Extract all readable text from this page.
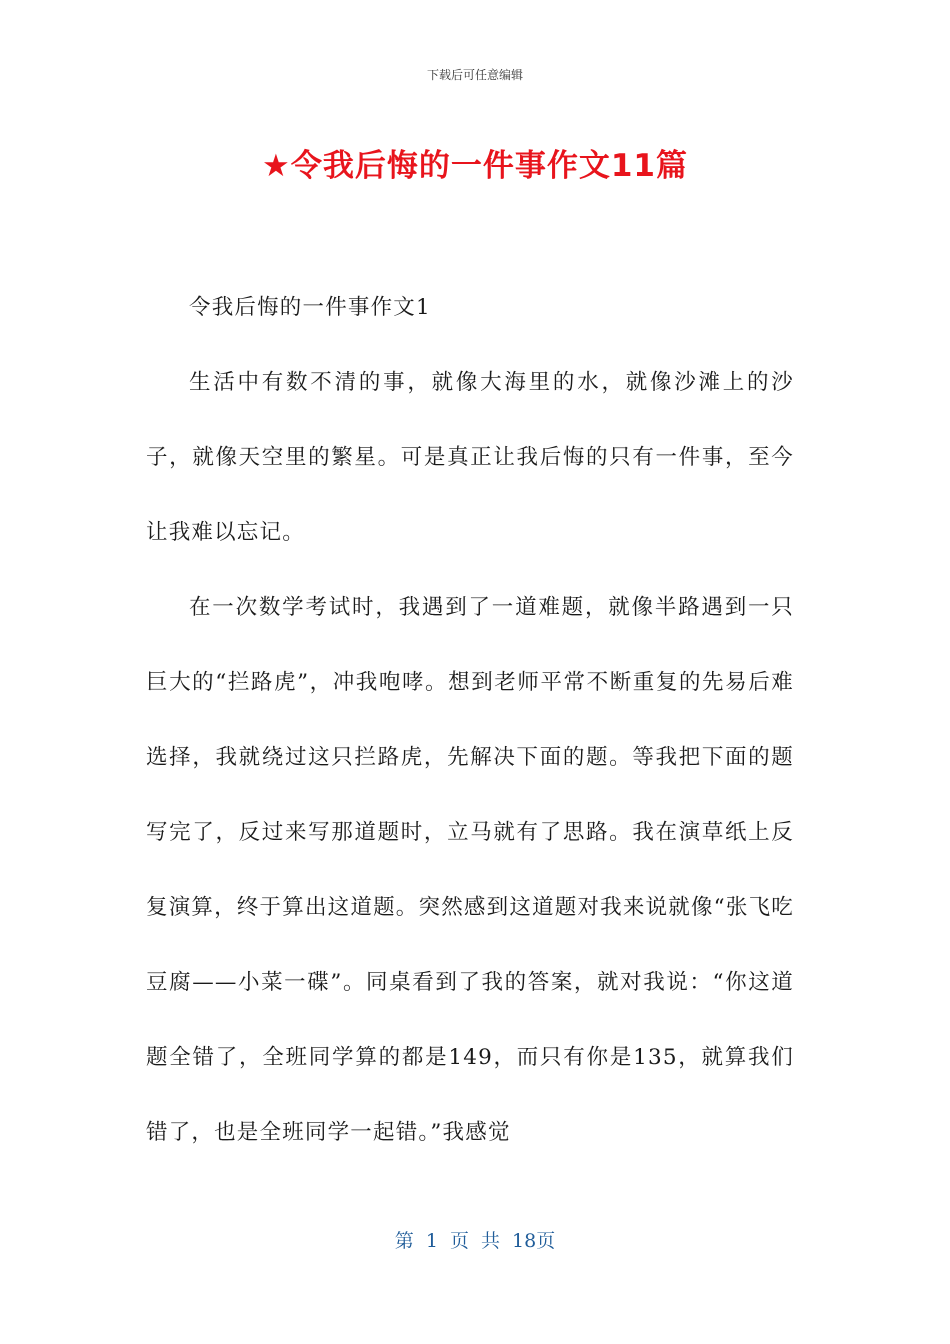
下载后可任意编辑
★令我后悔的一件事作文11篇

令我后悔的一件事作文1

生活中有数不清的事，就像大海里的水，就像沙滩上的沙子，就像天空里的繁星。可是真正让我后悔的只有一件事，至今让我难以忘记。

在一次数学考试时，我遇到了一道难题，就像半路遇到一只巨大的“拦路虎”，冲我咆哮。想到老师平常不断重复的先易后难选择，我就绕过这只拦路虎，先解决下面的题。等我把下面的题写完了，反过来写那道题时，立马就有了思路。我在演草纸上反复演算，终于算出这道题。突然感到这道题对我来说就像“张飞吃豆腐——小菜一碟”。同桌看到了我的答案，就对我说：“你这道题全错了，全班同学算的都是149，而只有你是135，就算我们错了，也是全班同学一起错。”我感觉

第 1 页 共 18页
